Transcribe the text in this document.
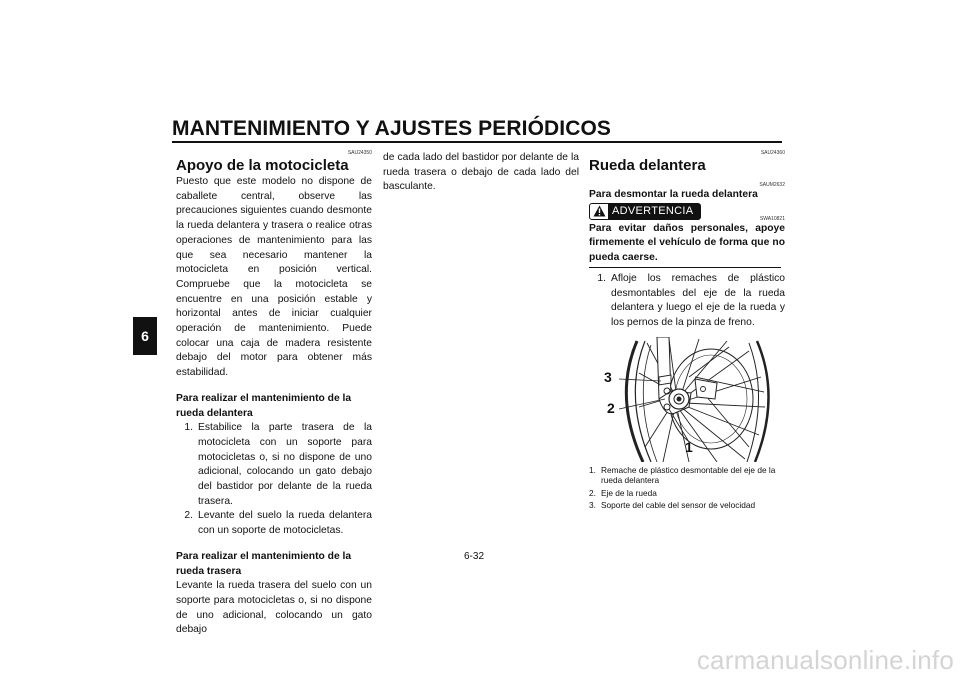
MANTENIMIENTO Y AJUSTES PERIÓDICOS
6
SAU24350
Apoyo de la motocicleta

Puesto que este modelo no dispone de caballete central, observe las precauciones siguientes cuando desmonte la rueda delantera y trasera o realice otras operaciones de mantenimiento para las que sea necesario mantener la motocicleta en posición vertical. Compruebe que la motocicleta se encuentre en una posición estable y horizontal antes de iniciar cualquier operación de mantenimiento. Puede colocar una caja de madera resistente debajo del motor para obtener más estabilidad.

Para realizar el mantenimiento de la rueda delantera

1. Estabilice la parte trasera de la motocicleta con un soporte para motocicletas o, si no dispone de uno adicional, colocando un gato debajo del bastidor por delante de la rueda trasera.
2. Levante del suelo la rueda delantera con un soporte de motocicletas.

Para realizar el mantenimiento de la rueda trasera

Levante la rueda trasera del suelo con un soporte para motocicletas o, si no dispone de uno adicional, colocando un gato debajo

de cada lado del bastidor por delante de la rueda trasera o debajo de cada lado del basculante.

SAU24360
Rueda delantera
SAUM2632
Para desmontar la rueda delantera
ADVERTENCIA
SWA10821

Para evitar daños personales, apoye firmemente el vehículo de forma que no pueda caerse.

1. Afloje los remaches de plástico desmontables del eje de la rueda delantera y luego el eje de la rueda y los pernos de la pinza de freno.
3
2
1
1. Remache de plástico desmontable del eje de la rueda delantera
2. Eje de la rueda
3. Soporte del cable del sensor de velocidad
6-32
carmanualsonline.info
